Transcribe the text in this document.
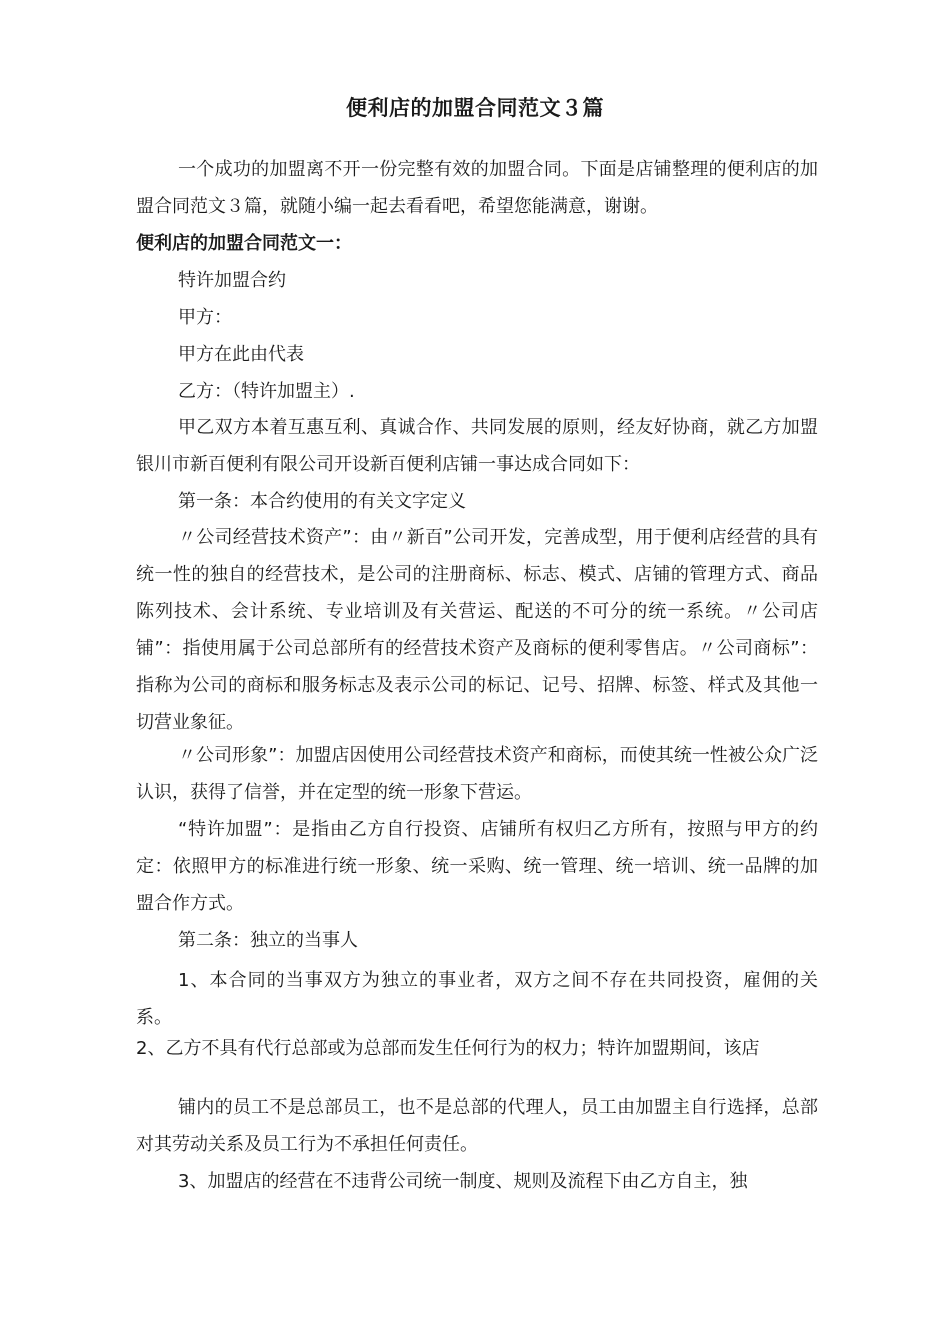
便利店的加盟合同范文３篇
一个成功的加盟离不开一份完整有效的加盟合同。下面是店铺整理的便利店的加盟合同范文３篇，就随小编一起去看看吧，希望您能满意，谢谢。
便利店的加盟合同范文一：
特许加盟合约
甲方：
甲方在此由代表
乙方：（特许加盟主）.
甲乙双方本着互惠互利、真诚合作、共同发展的原则，经友好协商，就乙方加盟银川市新百便利有限公司开设新百便利店铺一事达成合同如下：
第一条：本合约使用的有关文字定义
〃公司经营技术资产”：由〃新百”公司开发，完善成型，用于便利店经营的具有统一性的独自的经营技术，是公司的注册商标、标志、模式、店铺的管理方式、商品陈列技术、会计系统、专业培训及有关营运、配送的不可分的统一系统。〃公司店铺”：指使用属于公司总部所有的经营技术资产及商标的便利零售店。〃公司商标”：指称为公司的商标和服务标志及表示公司的标记、记号、招牌、标签、样式及其他一切营业象征。
〃公司形象”：加盟店因使用公司经营技术资产和商标，而使其统一性被公众广泛认识，获得了信誉，并在定型的统一形象下营运。
“特许加盟”：是指由乙方自行投资、店铺所有权归乙方所有，按照与甲方的约定：依照甲方的标准进行统一形象、统一采购、统一管理、统一培训、统一品牌的加盟合作方式。
第二条：独立的当事人
1、本合同的当事双方为独立的事业者，双方之间不存在共同投资，雇佣的关系。
2、乙方不具有代行总部或为总部而发生任何行为的权力；特许加盟期间，该店
铺内的员工不是总部员工，也不是总部的代理人，员工由加盟主自行选择，总部对其劳动关系及员工行为不承担任何责任。
3、加盟店的经营在不违背公司统一制度、规则及流程下由乙方自主，独
